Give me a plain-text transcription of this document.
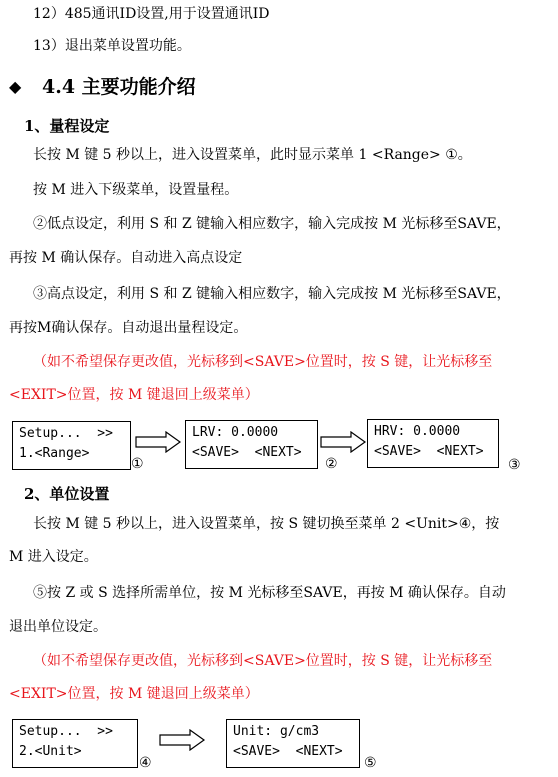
12）485通讯ID设置,用于设置通讯ID
13）退出菜单设置功能。
◆ 4.4 主要功能介绍
1、量程设定
长按 M 键 5 秒以上，进入设置菜单，此时显示菜单 1 <Range> ①。
按 M 进入下级菜单，设置量程。
②低点设定，利用 S 和 Z 键输入相应数字，输入完成按 M 光标移至SAVE，
再按 M 确认保存。自动进入高点设定
③高点设定，利用 S 和 Z 键输入相应数字，输入完成按 M 光标移至SAVE，
再按M确认保存。自动退出量程设定。
（如不希望保存更改值，光标移到<SAVE>位置时，按 S 键，让光标移至
<EXIT>位置，按 M 键退回上级菜单）
Setup...  >>
1.<Range>
①
LRV: 0.0000
<SAVE>  <NEXT>
②
HRV: 0.0000
<SAVE>  <NEXT>
③
2、单位设置
长按 M 键 5 秒以上，进入设置菜单，按 S 键切换至菜单 2 <Unit>④，按
M 进入设定。
⑤按 Z 或 S 选择所需单位，按 M 光标移至SAVE，再按 M 确认保存。自动
退出单位设定。
（如不希望保存更改值，光标移到<SAVE>位置时，按 S 键，让光标移至
<EXIT>位置，按 M 键退回上级菜单）
Setup...  >>
2.<Unit>
④
Unit: g/cm3
<SAVE>  <NEXT>
⑤
